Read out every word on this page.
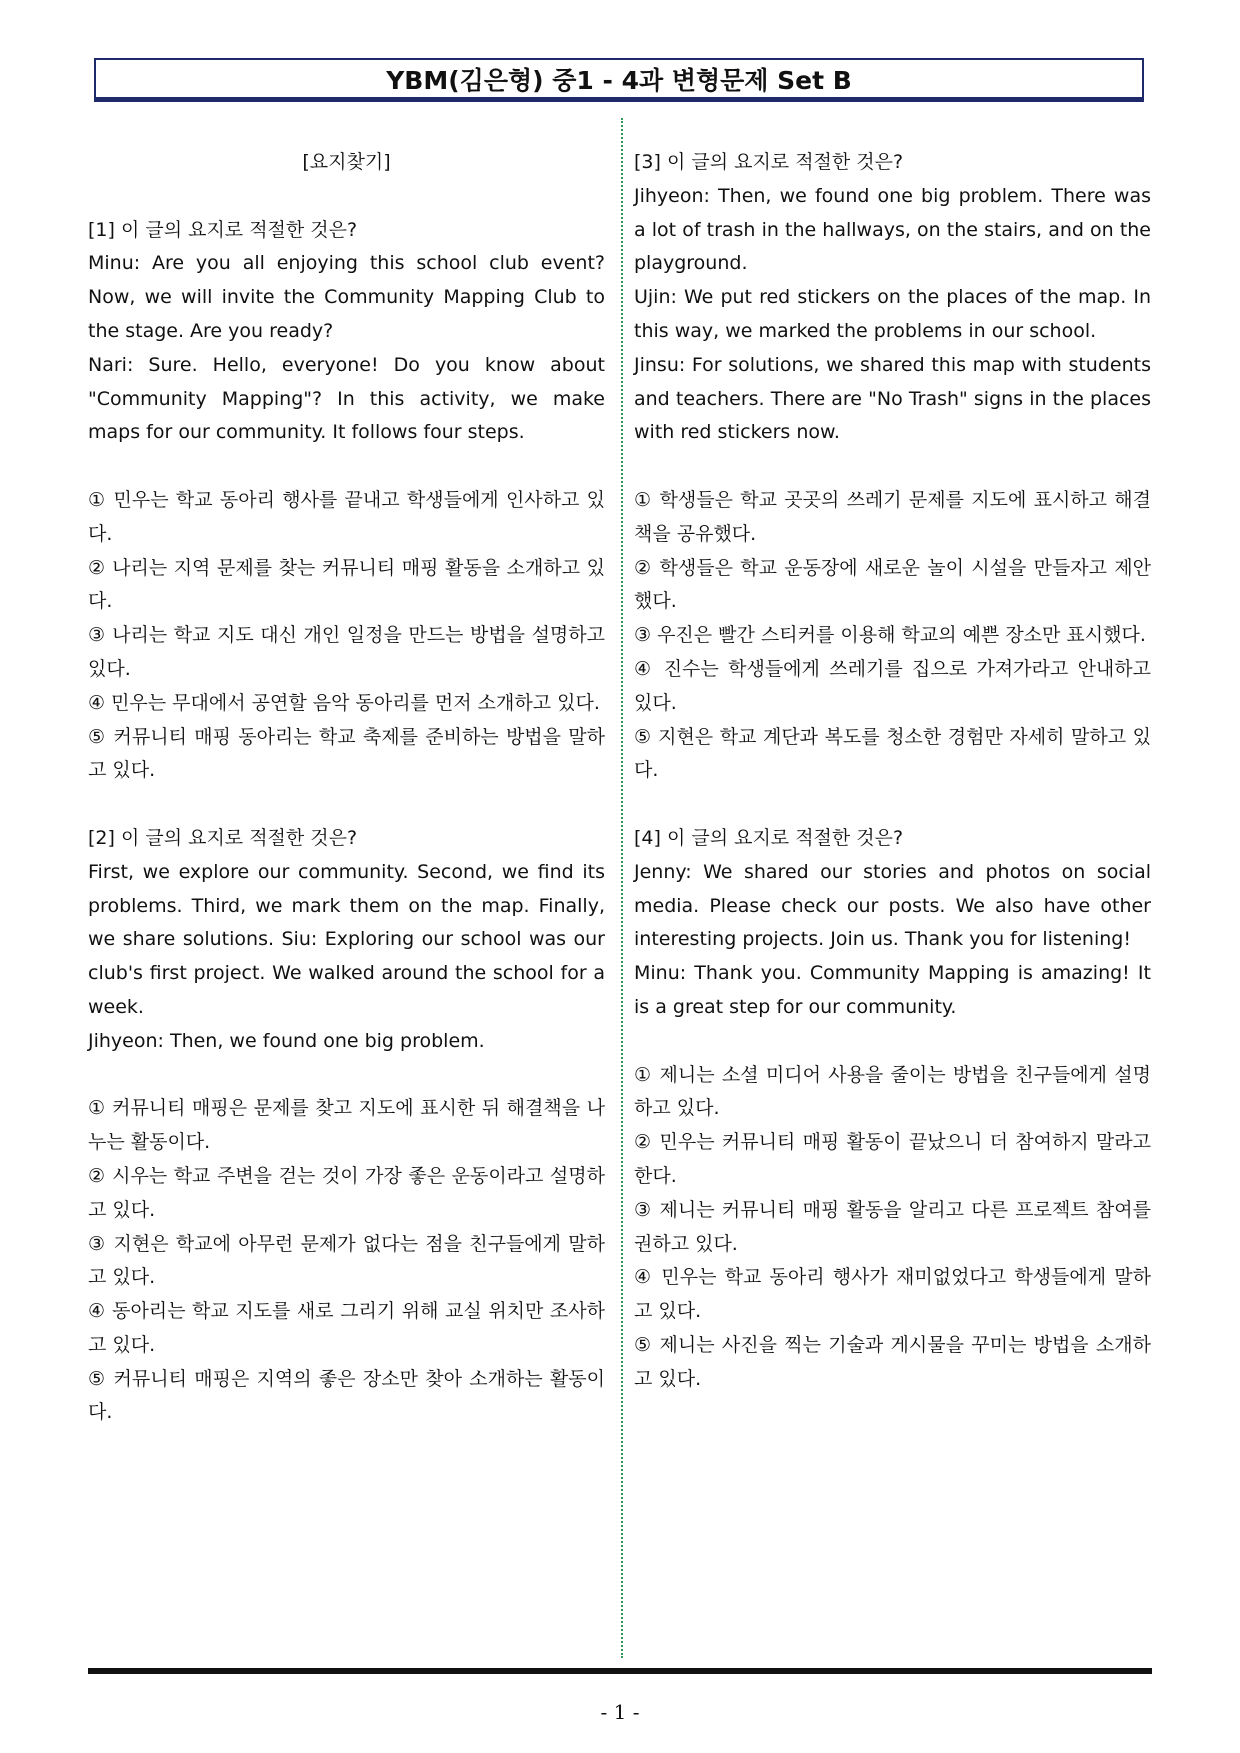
YBM(김은형) 중1 - 4과 변형문제 Set B
[요지찾기]
[1] 이 글의 요지로 적절한 것은?
Minu: Are you all enjoying this school club event? Now, we will invite the Community Mapping Club to the stage. Are you ready?
Nari: Sure. Hello, everyone! Do you know about "Community Mapping"? In this activity, we make maps for our community. It follows four steps.
① 민우는 학교 동아리 행사를 끝내고 학생들에게 인사하고 있다.
② 나리는 지역 문제를 찾는 커뮤니티 매핑 활동을 소개하고 있다.
③ 나리는 학교 지도 대신 개인 일정을 만드는 방법을 설명하고 있다.
④ 민우는 무대에서 공연할 음악 동아리를 먼저 소개하고 있다.
⑤ 커뮤니티 매핑 동아리는 학교 축제를 준비하는 방법을 말하고 있다.
[2] 이 글의 요지로 적절한 것은?
First, we explore our community. Second, we find its problems. Third, we mark them on the map. Finally, we share solutions. Siu: Exploring our school was our club's first project. We walked around the school for a week.
Jihyeon: Then, we found one big problem.
① 커뮤니티 매핑은 문제를 찾고 지도에 표시한 뒤 해결책을 나누는 활동이다.
② 시우는 학교 주변을 걷는 것이 가장 좋은 운동이라고 설명하고 있다.
③ 지현은 학교에 아무런 문제가 없다는 점을 친구들에게 말하고 있다.
④ 동아리는 학교 지도를 새로 그리기 위해 교실 위치만 조사하고 있다.
⑤ 커뮤니티 매핑은 지역의 좋은 장소만 찾아 소개하는 활동이다.
[3] 이 글의 요지로 적절한 것은?
Jihyeon: Then, we found one big problem. There was a lot of trash in the hallways, on the stairs, and on the playground.
Ujin: We put red stickers on the places of the map. In this way, we marked the problems in our school.
Jinsu: For solutions, we shared this map with students and teachers. There are "No Trash" signs in the places with red stickers now.
① 학생들은 학교 곳곳의 쓰레기 문제를 지도에 표시하고 해결책을 공유했다.
② 학생들은 학교 운동장에 새로운 놀이 시설을 만들자고 제안했다.
③ 우진은 빨간 스티커를 이용해 학교의 예쁜 장소만 표시했다.
④ 진수는 학생들에게 쓰레기를 집으로 가져가라고 안내하고 있다.
⑤ 지현은 학교 계단과 복도를 청소한 경험만 자세히 말하고 있다.
[4] 이 글의 요지로 적절한 것은?
Jenny: We shared our stories and photos on social media. Please check our posts. We also have other interesting projects. Join us. Thank you for listening!
Minu: Thank you. Community Mapping is amazing! It is a great step for our community.
① 제니는 소셜 미디어 사용을 줄이는 방법을 친구들에게 설명하고 있다.
② 민우는 커뮤니티 매핑 활동이 끝났으니 더 참여하지 말라고 한다.
③ 제니는 커뮤니티 매핑 활동을 알리고 다른 프로젝트 참여를 권하고 있다.
④ 민우는 학교 동아리 행사가 재미없었다고 학생들에게 말하고 있다.
⑤ 제니는 사진을 찍는 기술과 게시물을 꾸미는 방법을 소개하고 있다.
- 1 -
